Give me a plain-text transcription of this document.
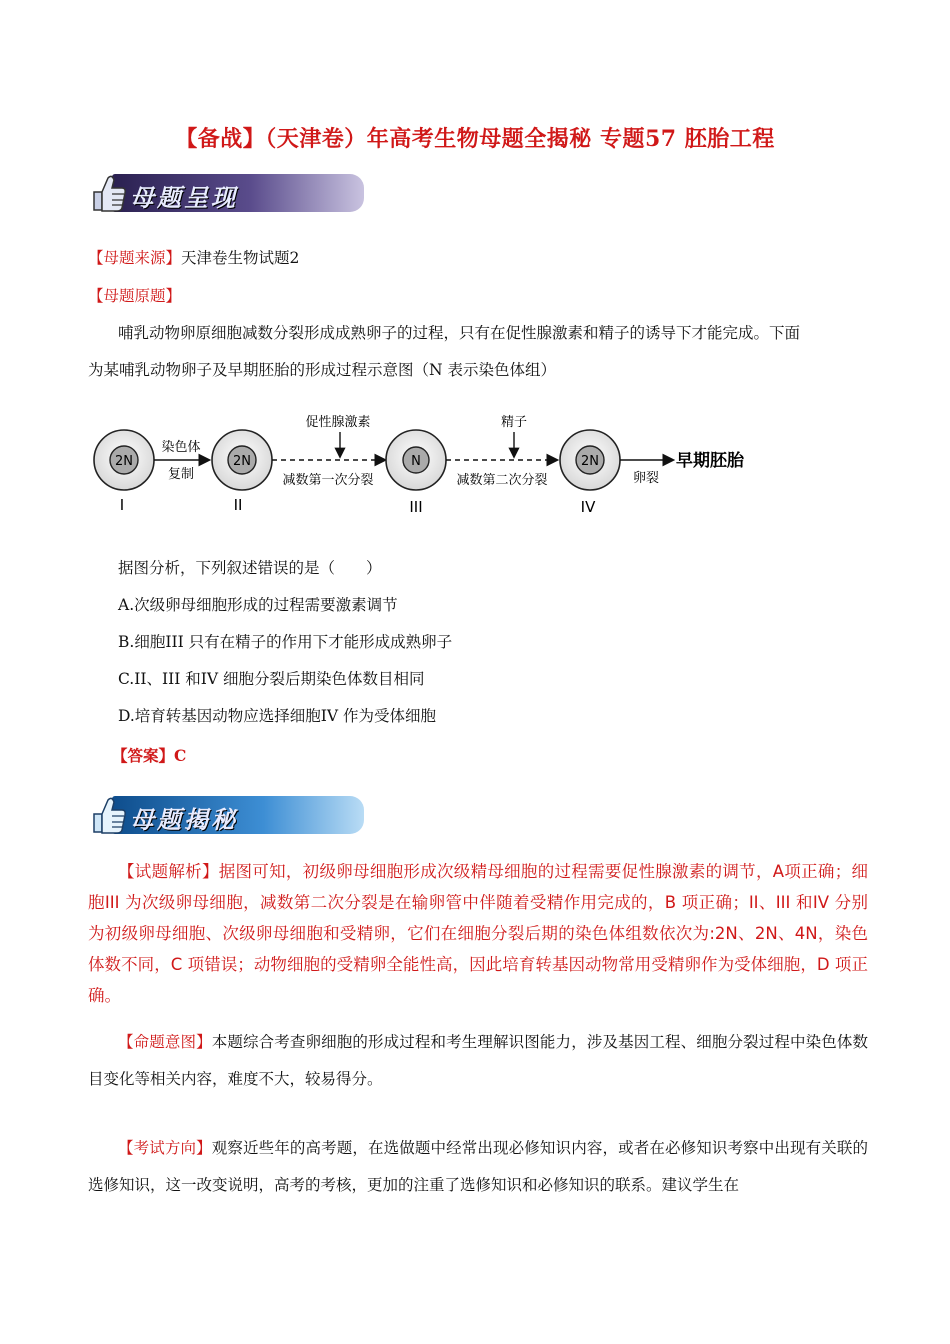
【备战】（天津卷）年高考生物母题全揭秘 专题57 胚胎工程
母题呈现
【母题来源】天津卷生物试题2
【母题原题】
哺乳动物卵原细胞减数分裂形成成熟卵子的过程，只有在促性腺激素和精子的诱导下才能完成。下面
为某哺乳动物卵子及早期胚胎的形成过程示意图（N 表示染色体组）
2N
I
染色体
复制
2N
II
促性腺激素
减数第一次分裂
N
III
精子
减数第二次分裂
2N
IV
卵裂
早期胚胎
据图分析，下列叙述错误的是（　　）
A.次级卵母细胞形成的过程需要激素调节
B.细胞III 只有在精子的作用下才能形成成熟卵子
C.II、III 和IV 细胞分裂后期染色体数目相同
D.培育转基因动物应选择细胞IV 作为受体细胞
【答案】C
母题揭秘
【试题解析】据图可知，初级卵母细胞形成次级精母细胞的过程需要促性腺激素的调节，A项正确；细胞III 为次级卵母细胞，减数第二次分裂是在输卵管中伴随着受精作用完成的，B 项正确；II、III 和IV 分别为初级卵母细胞、次级卵母细胞和受精卵，它们在细胞分裂后期的染色体组数依次为:2N、2N、4N，染色体数不同，C 项错误；动物细胞的受精卵全能性高，因此培育转基因动物常用受精卵作为受体细胞，D 项正确。
【命题意图】本题综合考查卵细胞的形成过程和考生理解识图能力，涉及基因工程、细胞分裂过程中染色体数目变化等相关内容，难度不大，较易得分。
【考试方向】观察近些年的高考题，在选做题中经常出现必修知识内容，或者在必修知识考察中出现有关联的选修知识，这一改变说明，高考的考核，更加的注重了选修知识和必修知识的联系。建议学生在
